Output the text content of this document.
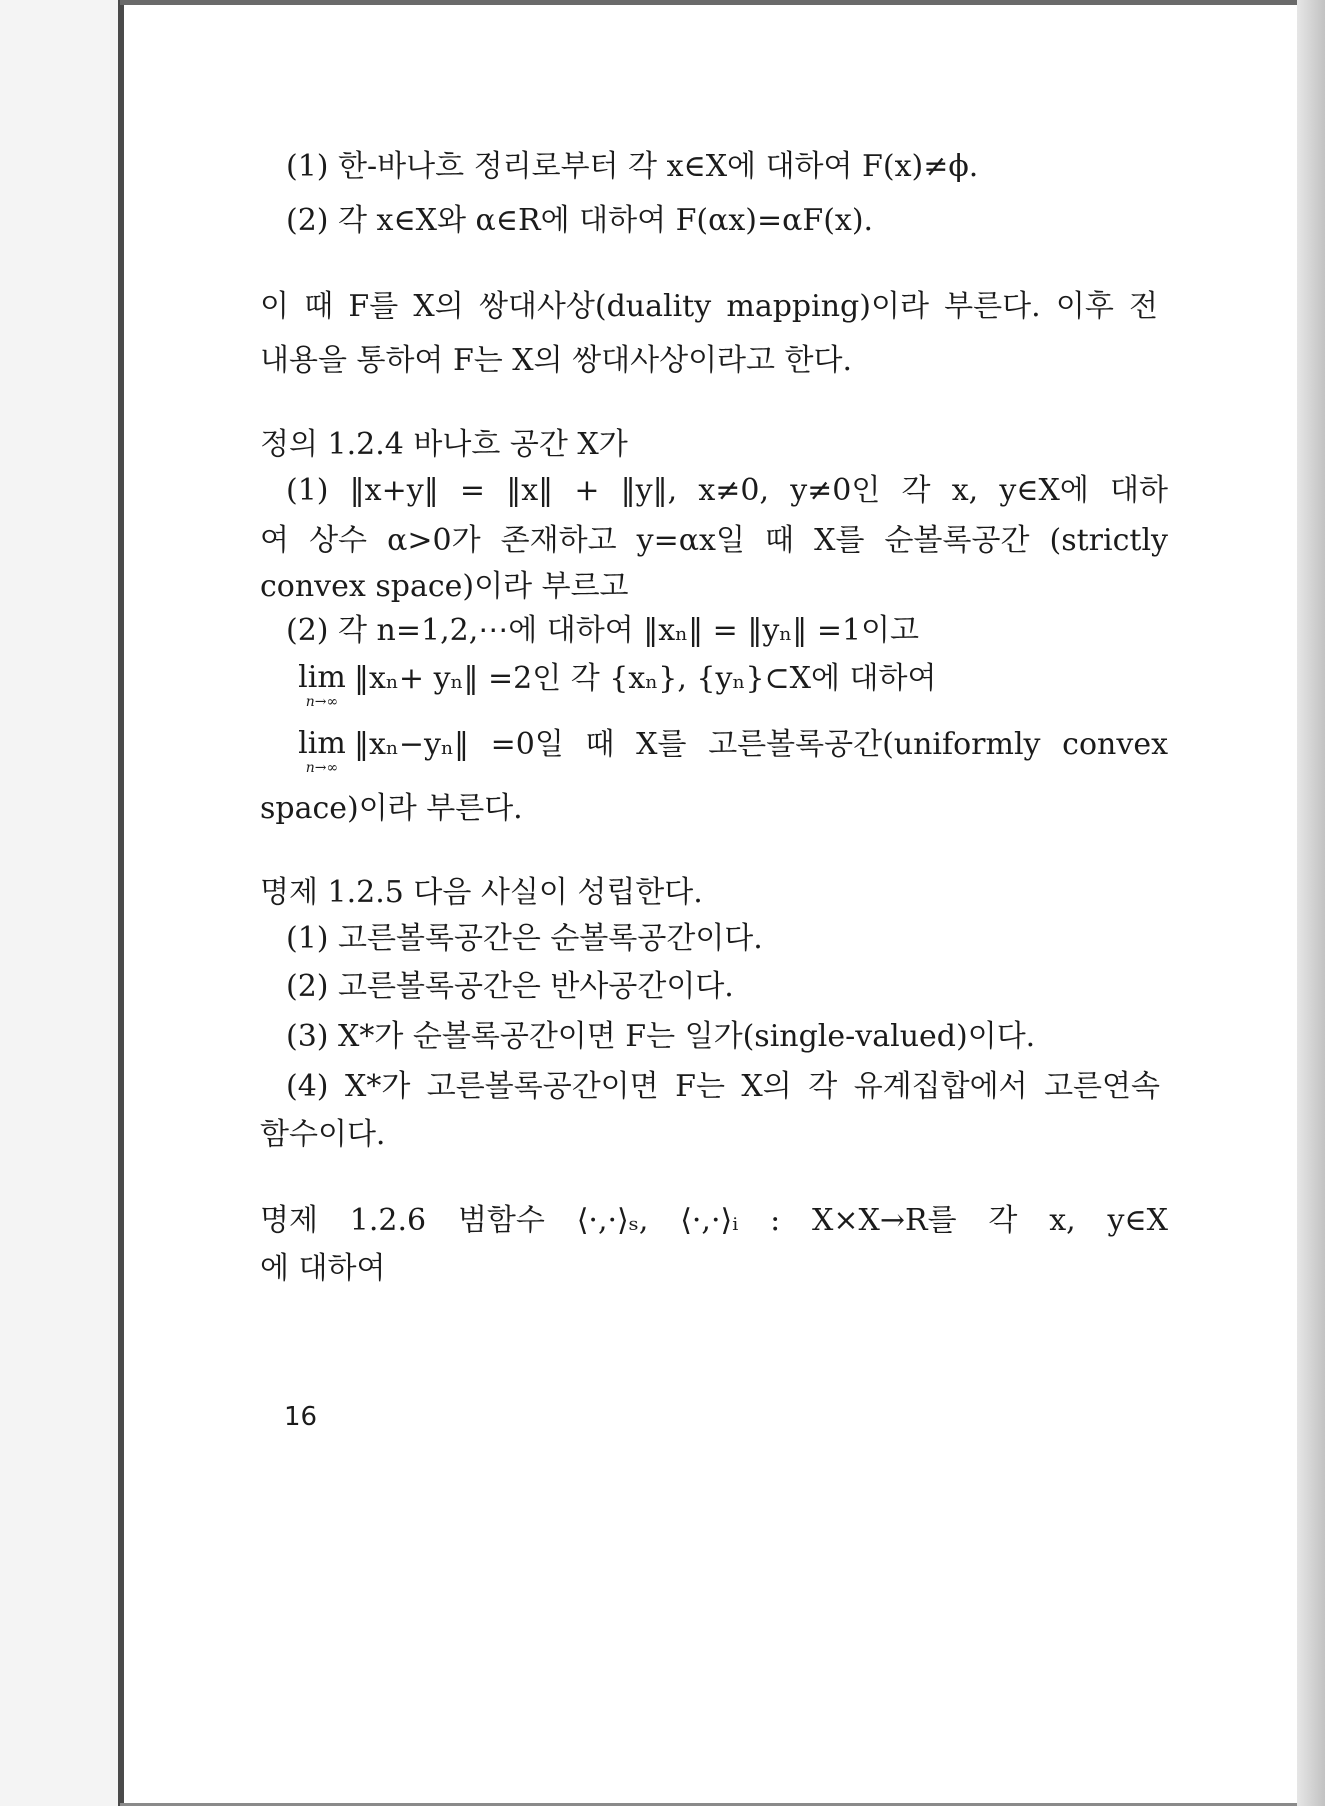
(1) 한-바나흐 정리로부터 각 x∈X에 대하여 F(x)≠ϕ.
(2) 각 x∈X와 α∈R에 대하여 F(αx)=αF(x).
이 때 F를 X의 쌍대사상(duality mapping)이라 부른다. 이후 전
내용을 통하여 F는 X의 쌍대사상이라고 한다.
정의 1.2.4 바나흐 공간 X가
(1) ‖x+y‖ = ‖x‖ + ‖y‖, x≠0, y≠0인 각 x, y∈X에 대하
여 상수 α>0가 존재하고 y=αx일 때 X를 순볼록공간 (strictly
convex space)이라 부르고
(2) 각 n=1,2,⋯에 대하여 ‖xₙ‖ = ‖yₙ‖ =1이고
lim
n→∞
‖xₙ+ yₙ‖ =2인 각 {xₙ}, {yₙ}⊂X에 대하여
lim
n→∞
‖xₙ−yₙ‖ =0일 때 X를 고른볼록공간(uniformly convex
space)이라 부른다.
명제 1.2.5 다음 사실이 성립한다.
(1) 고른볼록공간은 순볼록공간이다.
(2) 고른볼록공간은 반사공간이다.
(3) X*가 순볼록공간이면 F는 일가(single-valued)이다.
(4) X*가 고른볼록공간이면 F는 X의 각 유계집합에서 고른연속
함수이다.
명제 1.2.6 범함수 ⟨·,·⟩ₛ, ⟨·,·⟩ᵢ : X×X→R를 각 x, y∈X
에 대하여
16
